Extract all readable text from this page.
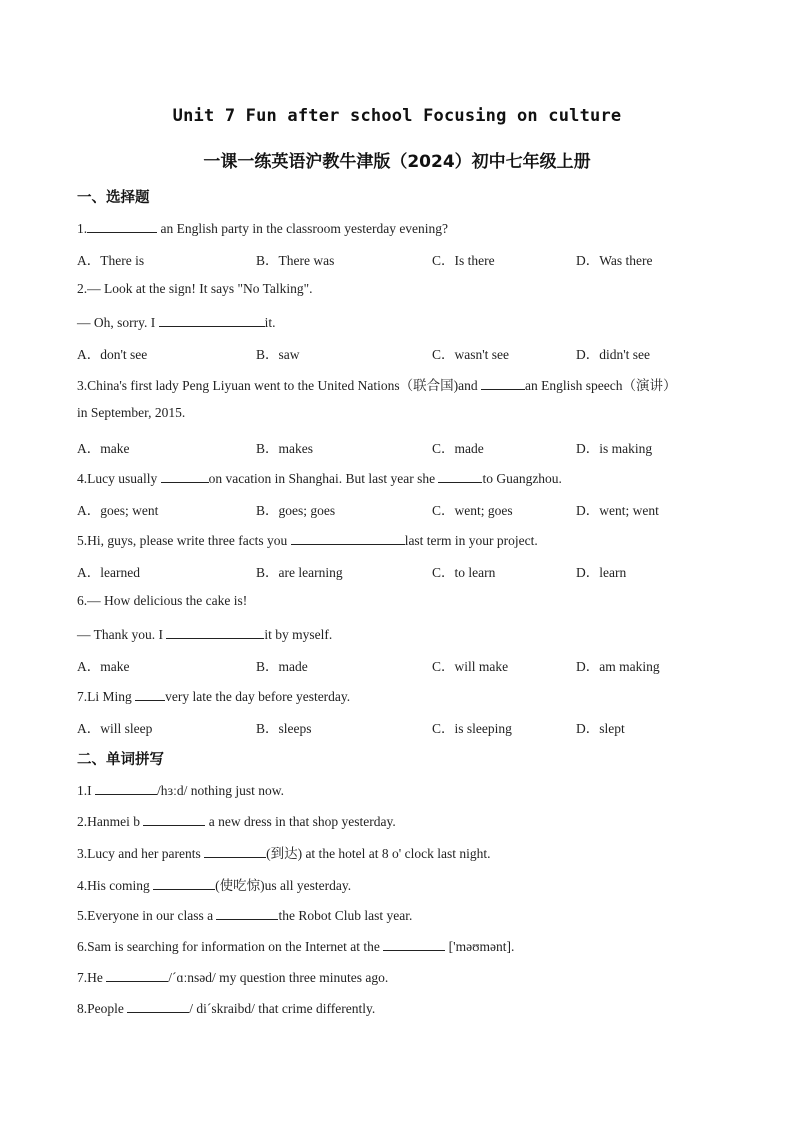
Unit 7 Fun after school Focusing on culture
一课一练英语沪教牛津版（2024）初中七年级上册
一、选择题
1.	an English party in the classroom yesterday evening?
A．There is	B．There was	C．Is there	D．Was there
2.— Look at the sign! It says "No Talking".
— Oh, sorry. I	it.
A．don't see	B．saw	C．wasn't see	D．didn't see
3.China's first lady Peng Liyuan went to the United Nations（联合国)and	an English speech（演讲）
in September, 2015.
A．make	B．makes	C．made	D．is making
4.Lucy usually	on vacation in Shanghai. But last year she	to Guangzhou.
A．goes; went	B．goes; goes	C．went; goes	D．went; went
5.Hi, guys, please write three facts you	last term in your project.
A．learned	B．are learning	C．to learn	D．learn
6.— How delicious the cake is!
— Thank you. I	it by myself.
A．make	B．made	C．will make	D．am making
7.Li Ming very late the day before yesterday.
A．will sleep	B．sleeps	C．is sleeping	D．slept
二、单词拼写
1.I	/hɜːd/ nothing just now.
2.Hanmei b	a new dress in that shop yesterday.
3.Lucy and her parents	(到达) at the hotel at 8 o' clock last night.
4.His coming	(使吃惊)us all yesterday.
5.Everyone in our class a	the Robot Club last year.
6.Sam is searching for information on the Internet at the	['məʊmənt].
7.He	/ˊɑːnsəd/ my question three minutes ago.
8.People	/ diˊskraibd/ that crime differently.
